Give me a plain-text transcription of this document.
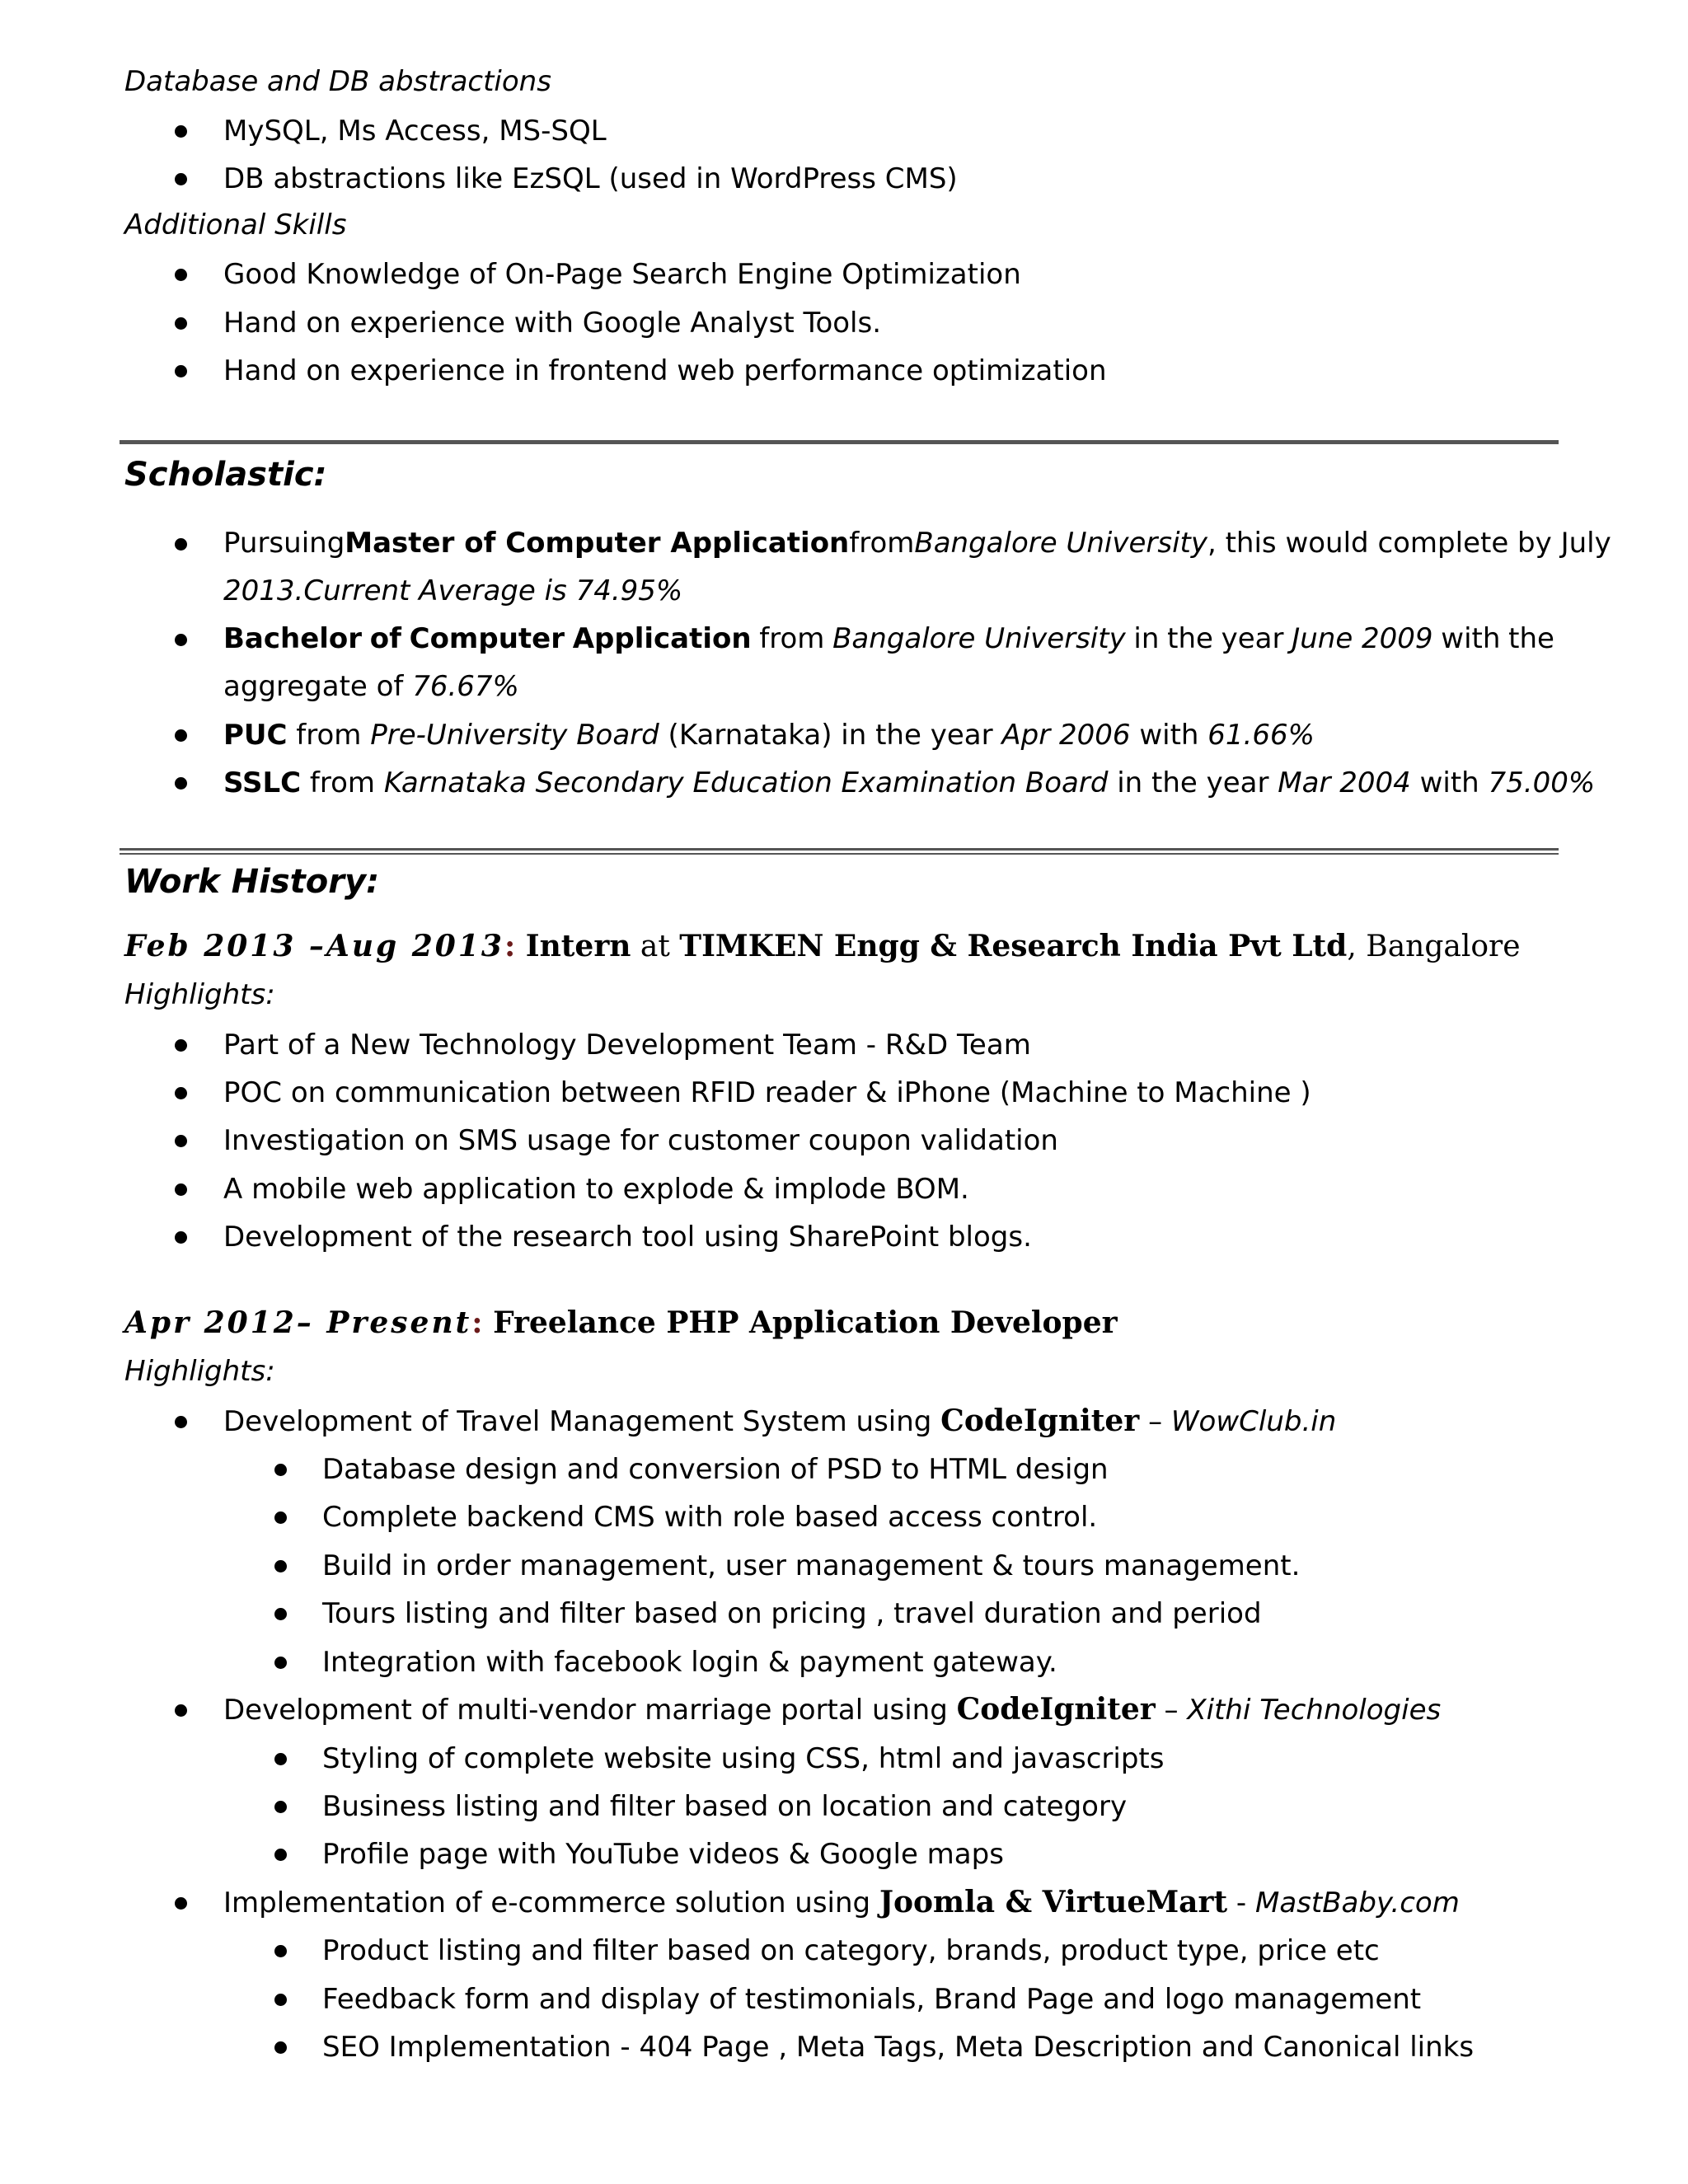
Database and DB abstractions
MySQL, Ms Access, MS-SQL
DB abstractions like EzSQL (used in WordPress CMS)
Additional Skills
Good Knowledge of On-Page Search Engine Optimization
Hand on experience with Google Analyst Tools.
Hand on experience in frontend web performance optimization
Scholastic:
Pursuing Master of Computer Application from Bangalore University, this would complete by July
2013.Current Average is 74.95%
Bachelor of Computer Application from Bangalore University in the year June 2009 with the
aggregate of 76.67%
PUC from Pre-University Board (Karnataka) in the year Apr 2006 with 61.66%
SSLC from Karnataka Secondary Education Examination Board in the year Mar 2004 with 75.00%
Work History:
Feb 2013 –Aug 2013: Intern at TIMKEN Engg & Research India Pvt Ltd, Bangalore
Highlights:
Part of a New Technology Development Team - R&D Team
POC on communication between RFID reader & iPhone (Machine to Machine )
Investigation on SMS usage for customer coupon validation
A mobile web application to explode & implode BOM.
Development of the research tool using SharePoint blogs.
Apr 2012– Present: Freelance PHP Application Developer
Highlights:
Development of Travel Management System using CodeIgniter – WowClub.in
Database design and conversion of PSD to HTML design
Complete backend CMS with role based access control.
Build in order management, user management & tours management.
Tours listing and filter based on pricing , travel duration and period
Integration with facebook login & payment gateway.
Development of multi-vendor marriage portal using CodeIgniter – Xithi Technologies
Styling of complete website using CSS, html and javascripts
Business listing and filter based on location and category
Profile page with YouTube videos & Google maps
Implementation of e-commerce solution using Joomla & VirtueMart - MastBaby.com
Product listing and filter based on category, brands, product type, price etc
Feedback form and display of testimonials, Brand Page and logo management
SEO Implementation - 404 Page , Meta Tags, Meta Description and Canonical links
